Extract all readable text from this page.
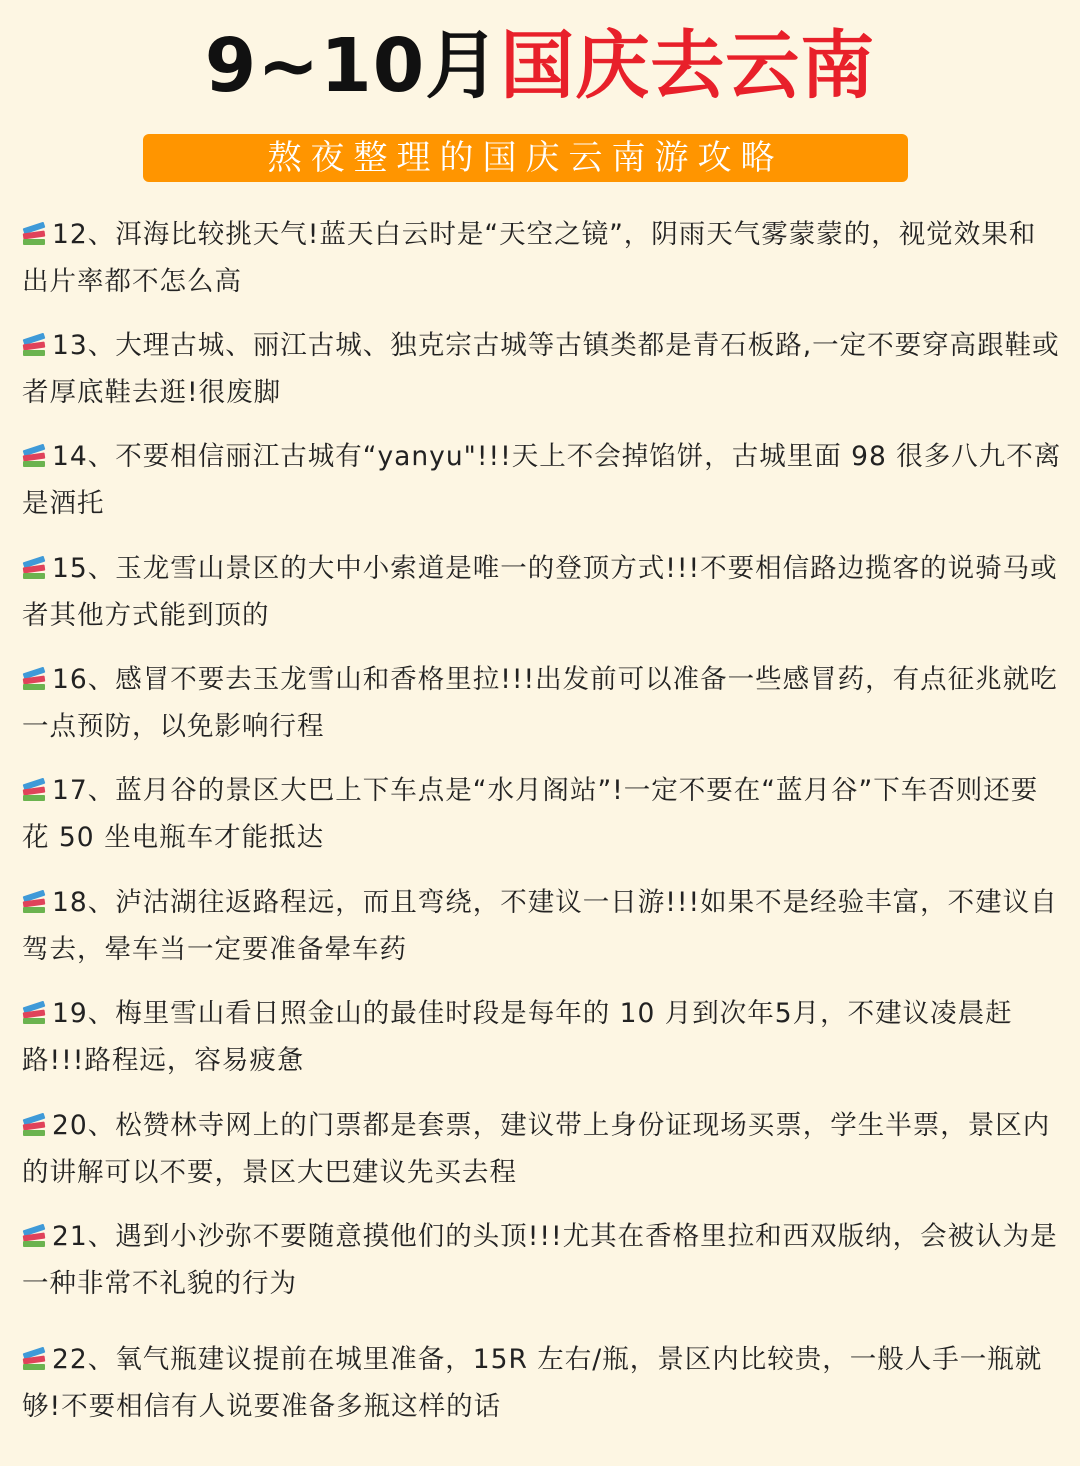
9~10月国庆去云南
熬夜整理的国庆云南游攻略
12、洱海比较挑天气!蓝天白云时是“天空之镜”，阴雨天气雾蒙蒙的，视觉效果和出片率都不怎么高
13、大理古城、丽江古城、独克宗古城等古镇类都是青石板路,一定不要穿高跟鞋或者厚底鞋去逛!很废脚
14、不要相信丽江古城有“yanyu"!!!天上不会掉馅饼，古城里面 98 很多八九不离是酒托
15、玉龙雪山景区的大中小索道是唯一的登顶方式!!!不要相信路边揽客的说骑马或者其他方式能到顶的
16、感冒不要去玉龙雪山和香格里拉!!!出发前可以准备一些感冒药，有点征兆就吃一点预防，以免影响行程
17、蓝月谷的景区大巴上下车点是“水月阁站”!一定不要在“蓝月谷”下车否则还要花 50 坐电瓶车才能抵达
18、泸沽湖往返路程远，而且弯绕，不建议一日游!!!如果不是经验丰富，不建议自驾去，晕车当一定要准备晕车药
19、梅里雪山看日照金山的最佳时段是每年的 10 月到次年5月，不建议凌晨赶路!!!路程远，容易疲惫
20、松赞林寺网上的门票都是套票，建议带上身份证现场买票，学生半票，景区内的讲解可以不要，景区大巴建议先买去程
21、遇到小沙弥不要随意摸他们的头顶!!!尤其在香格里拉和西双版纳，会被认为是一种非常不礼貌的行为
22、氧气瓶建议提前在城里准备，15R 左右/瓶，景区内比较贵，一般人手一瓶就够!不要相信有人说要准备多瓶这样的话
